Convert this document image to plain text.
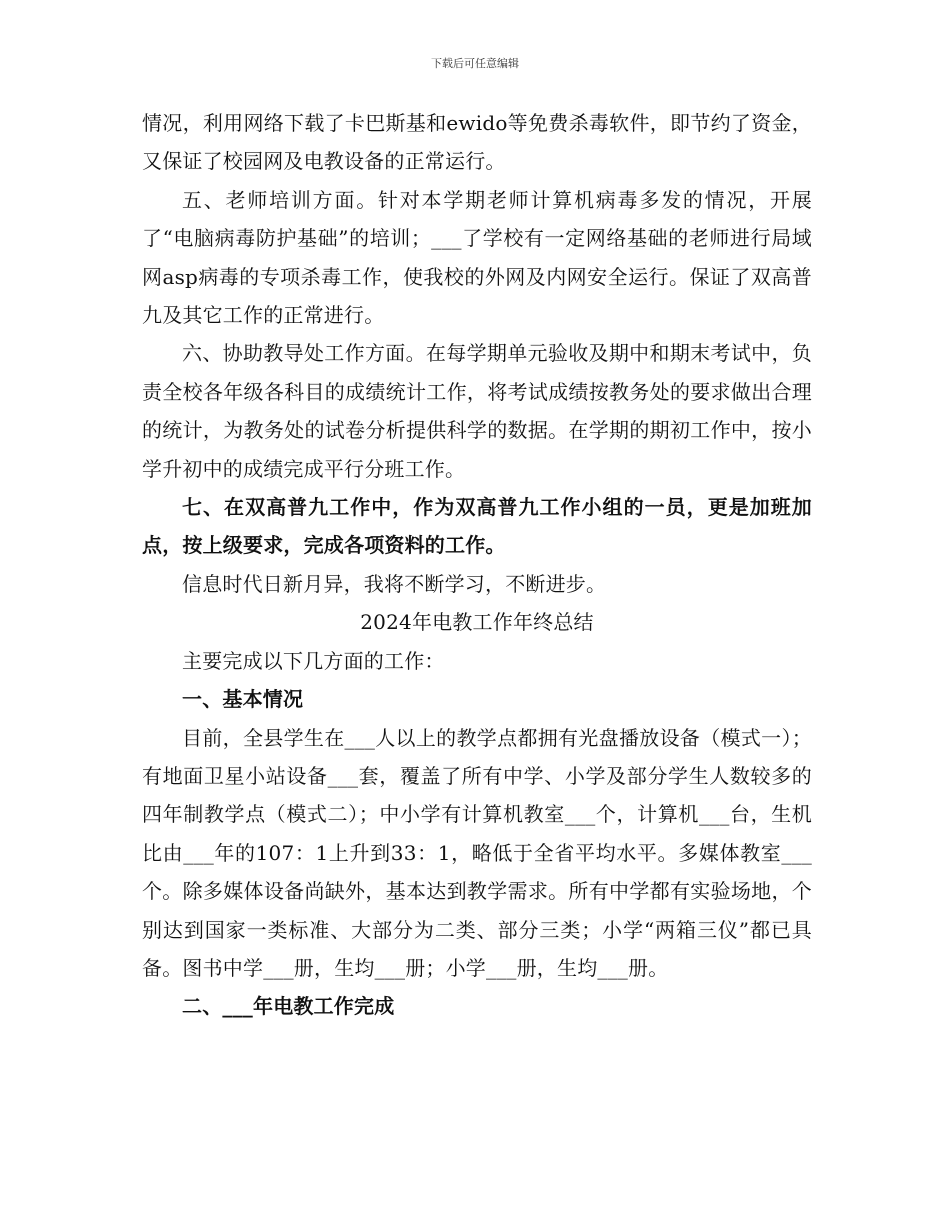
下载后可任意编辑

情况，利用网络下载了卡巴斯基和ewido等免费杀毒软件，即节约了资金，又保证了校园网及电教设备的正常运行。

五、老师培训方面。针对本学期老师计算机病毒多发的情况，开展了“电脑病毒防护基础”的培训；___了学校有一定网络基础的老师进行局域网asp病毒的专项杀毒工作，使我校的外网及内网安全运行。保证了双高普九及其它工作的正常进行。

六、协助教导处工作方面。在每学期单元验收及期中和期末考试中，负责全校各年级各科目的成绩统计工作，将考试成绩按教务处的要求做出合理的统计，为教务处的试卷分析提供科学的数据。在学期的期初工作中，按小学升初中的成绩完成平行分班工作。

七、在双高普九工作中，作为双高普九工作小组的一员，更是加班加点，按上级要求，完成各项资料的工作。

信息时代日新月异，我将不断学习，不断进步。

2024年电教工作年终总结

主要完成以下几方面的工作：

一、基本情况

目前，全县学生在___人以上的教学点都拥有光盘播放设备（模式一）；有地面卫星小站设备___套，覆盖了所有中学、小学及部分学生人数较多的四年制教学点（模式二）；中小学有计算机教室___个，计算机___台，生机比由___年的107：1上升到33：1，略低于全省平均水平。多媒体教室___个。除多媒体设备尚缺外，基本达到教学需求。所有中学都有实验场地，个别达到国家一类标准、大部分为二类、部分三类；小学“两箱三仪”都已具备。图书中学___册，生均___册；小学___册，生均___册。

二、___年电教工作完成
